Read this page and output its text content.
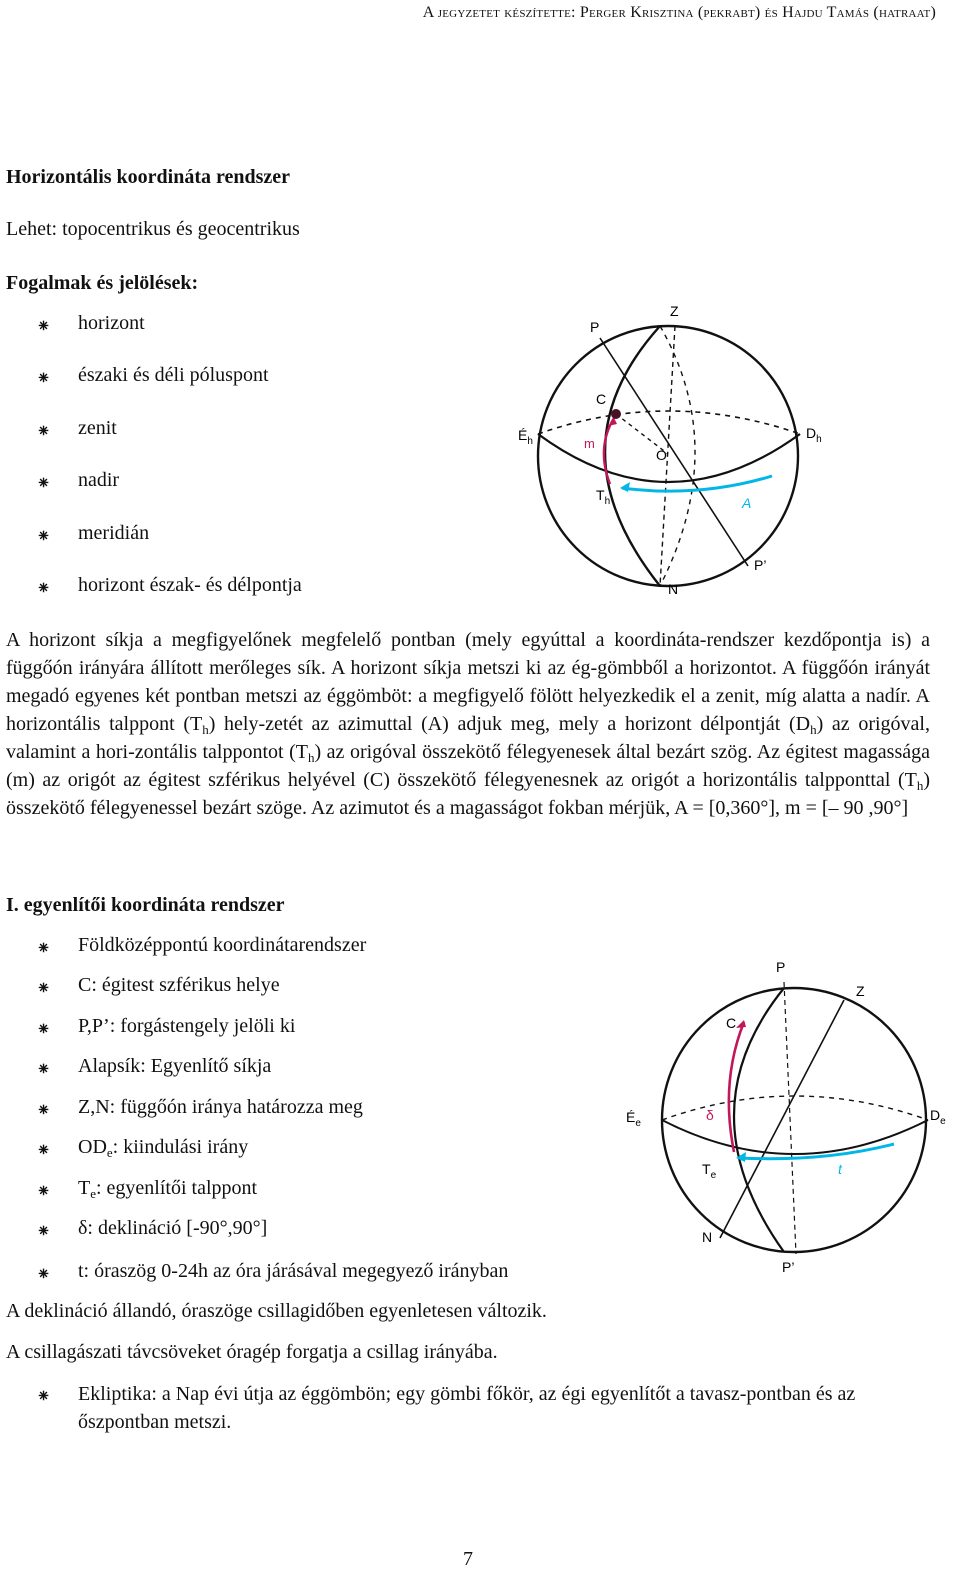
A jegyzetet készítette: Perger Krisztina (pekrabt) és Hajdu Tamás (hatraat)
Horizontális koordináta rendszer
Lehet: topocentrikus és geocentrikus
Fogalmak és jelölések:
⁕ horizont
⁕ északi és déli póluspont
⁕ zenit
⁕ nadir
⁕ meridián
⁕ horizont észak- és délpontja
P
Z
C
$É_h$
$D_h$
m
O
$T_h$	A
P’
N
A horizont síkja a megfigyelőnek megfelelő pontban (mely egyúttal a koordináta-rendszer kezdőpontja is) a függőón irányára állított merőleges sík. A horizont síkja metszi ki az ég-gömbből a horizontot. A függőón irányát megadó egyenes két pontban metszi az éggömböt: a megfigyelő fölött helyezkedik el a zenit, míg alatta a nadír. A horizontális talppont $(T_h)$ hely-zetét az azimuttal (A) adjuk meg, mely a horizont délpontját $(D_h)$ az origóval, valamint a hori-zontális talppontot $(T_h)$ az origóval összekötő félegyenesek által bezárt szög. Az égitest magassága (m) az origót az égitest szférikus helyével (C) összekötő félegyenesnek az origót a horizontális talpponttal $(T_h)$ összekötő félegyenessel bezárt szöge. Az azimutot és a magasságot fokban mérjük, A = [0,360°], m = [– 90 ,90°]
I. egyenlítői koordináta rendszer
⁕ Földközéppontú koordinátarendszer
⁕ C: égitest szférikus helye
⁕ P,P’: forgástengely jelöli ki
⁕ Alapsík: Egyenlítő síkja
⁕ Z,N: függőón iránya határozza meg
⁕ $OD_e$: kiindulási irány
⁕ $T_e$: egyenlítői talppont
⁕ δ: deklináció [-90°,90°]
⁕ t: óraszög 0-24h az óra járásával megegyező irányban
P
Z
C
$É_e$
$D_e$
δ
$T_e$	t
N
P’
A deklináció állandó, óraszöge csillagidőben egyenletesen változik.
A csillagászati távcsöveket óragép forgatja a csillag irányába.
⁕ Ekliptika: a Nap évi útja az éggömbön; egy gömbi főkör, az égi egyenlítőt a tavasz-pontban és az őszpontban metszi.
7
